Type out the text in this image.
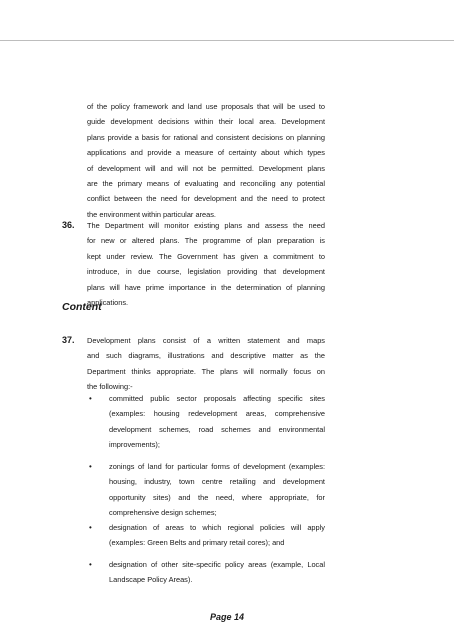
of the policy framework and land use proposals that will be used to
guide development decisions within their local area. Development
plans provide a basis for rational and consistent decisions on planning
applications and provide a measure of certainty about which types
of development will and will not be permitted. Development plans
are the primary means of evaluating and reconciling any potential
conflict between the need for development and the need to protect
the environment within particular areas.

36. The Department will monitor existing plans and assess the need
for new or altered plans. The programme of plan preparation is
kept under review. The Government has given a commitment to
introduce, in due course, legislation providing that development
plans will have prime importance in the determination of planning
applications.

Content
37. Development plans consist of a written statement and maps
and such diagrams, illustrations and descriptive matter as the
Department thinks appropriate. The plans will normally focus on
the following:-

• committed public sector proposals affecting specific sites
(examples: housing redevelopment areas, comprehensive
development schemes, road schemes and environmental
improvements);

• zonings of land for particular forms of development (examples:
housing, industry, town centre retailing and development
opportunity sites) and the need, where appropriate, for
comprehensive design schemes;

• designation of areas to which regional policies will apply
(examples: Green Belts and primary retail cores); and

• designation of other site-specific policy areas (example, Local
Landscape Policy Areas).

Page 14
